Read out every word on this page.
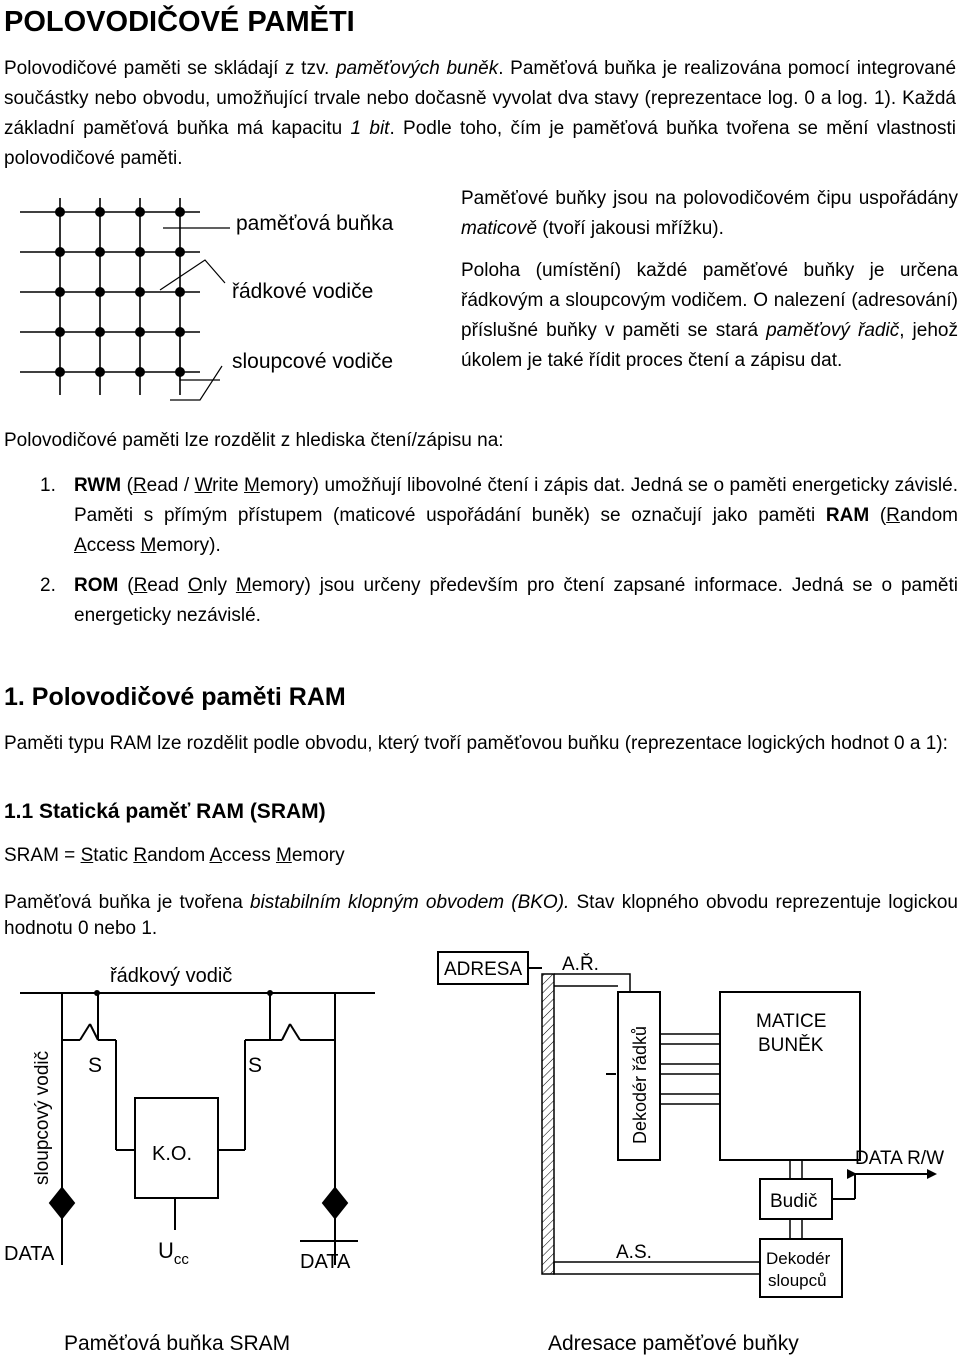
POLOVODIČOVÉ PAMĚTI

Polovodičové paměti se skládají z tzv. paměťových buněk. Paměťová buňka je realizována pomocí integrované součástky nebo obvodu, umožňující trvale nebo dočasně vyvolat dva stavy (reprezentace log. 0 a log. 1). Každá základní paměťová buňka má kapacitu 1 bit. Podle toho, čím je paměťová buňka tvořena se mění vlastnosti polovodičové paměti.

paměťová buňka
řádkové vodiče
sloupcové vodiče

Paměťové buňky jsou na polovodičovém čipu uspořádány maticově (tvoří jakousi mřížku).

Poloha (umístění) každé paměťové buňky je určena řádkovým a sloupcovým vodičem. O nalezení (adresování) příslušné buňky v paměti se stará paměťový řadič, jehož úkolem je také řídit proces čtení a zápisu dat.

Polovodičové paměti lze rozdělit z hlediska čtení/zápisu na:

1. RWM (Read / Write Memory) umožňují libovolné čtení i zápis dat. Jedná se o paměti energeticky závislé. Paměti s přímým přístupem (maticové uspořádání buněk) se označují jako paměti RAM (Random Access Memory).
2. ROM (Read Only Memory) jsou určeny především pro čtení zapsané informace. Jedná se o paměti energeticky nezávislé.
1. Polovodičové paměti RAM

Paměti typu RAM lze rozdělit podle obvodu, který tvoří paměťovou buňku (reprezentace logických hodnot 0 a 1):

1.1 Statická paměť RAM (SRAM)

SRAM = Static Random Access Memory

Paměťová buňka je tvořena bistabilním klopným obvodem (BKO). Stav klopného obvodu reprezentuje logickou hodnotu 0 nebo 1.

řádkový vodič
sloupcový vodič S	S
K.O.
DATA	DATA
$U_{cc}$
ADRESA A.Ř.
Dekodér řádků
MATICE
BUNĚK
DATA R/W
Budič
A.S.	Dekodér
sloupců
Paměťová buňka SRAM	Adresace paměťové buňky
